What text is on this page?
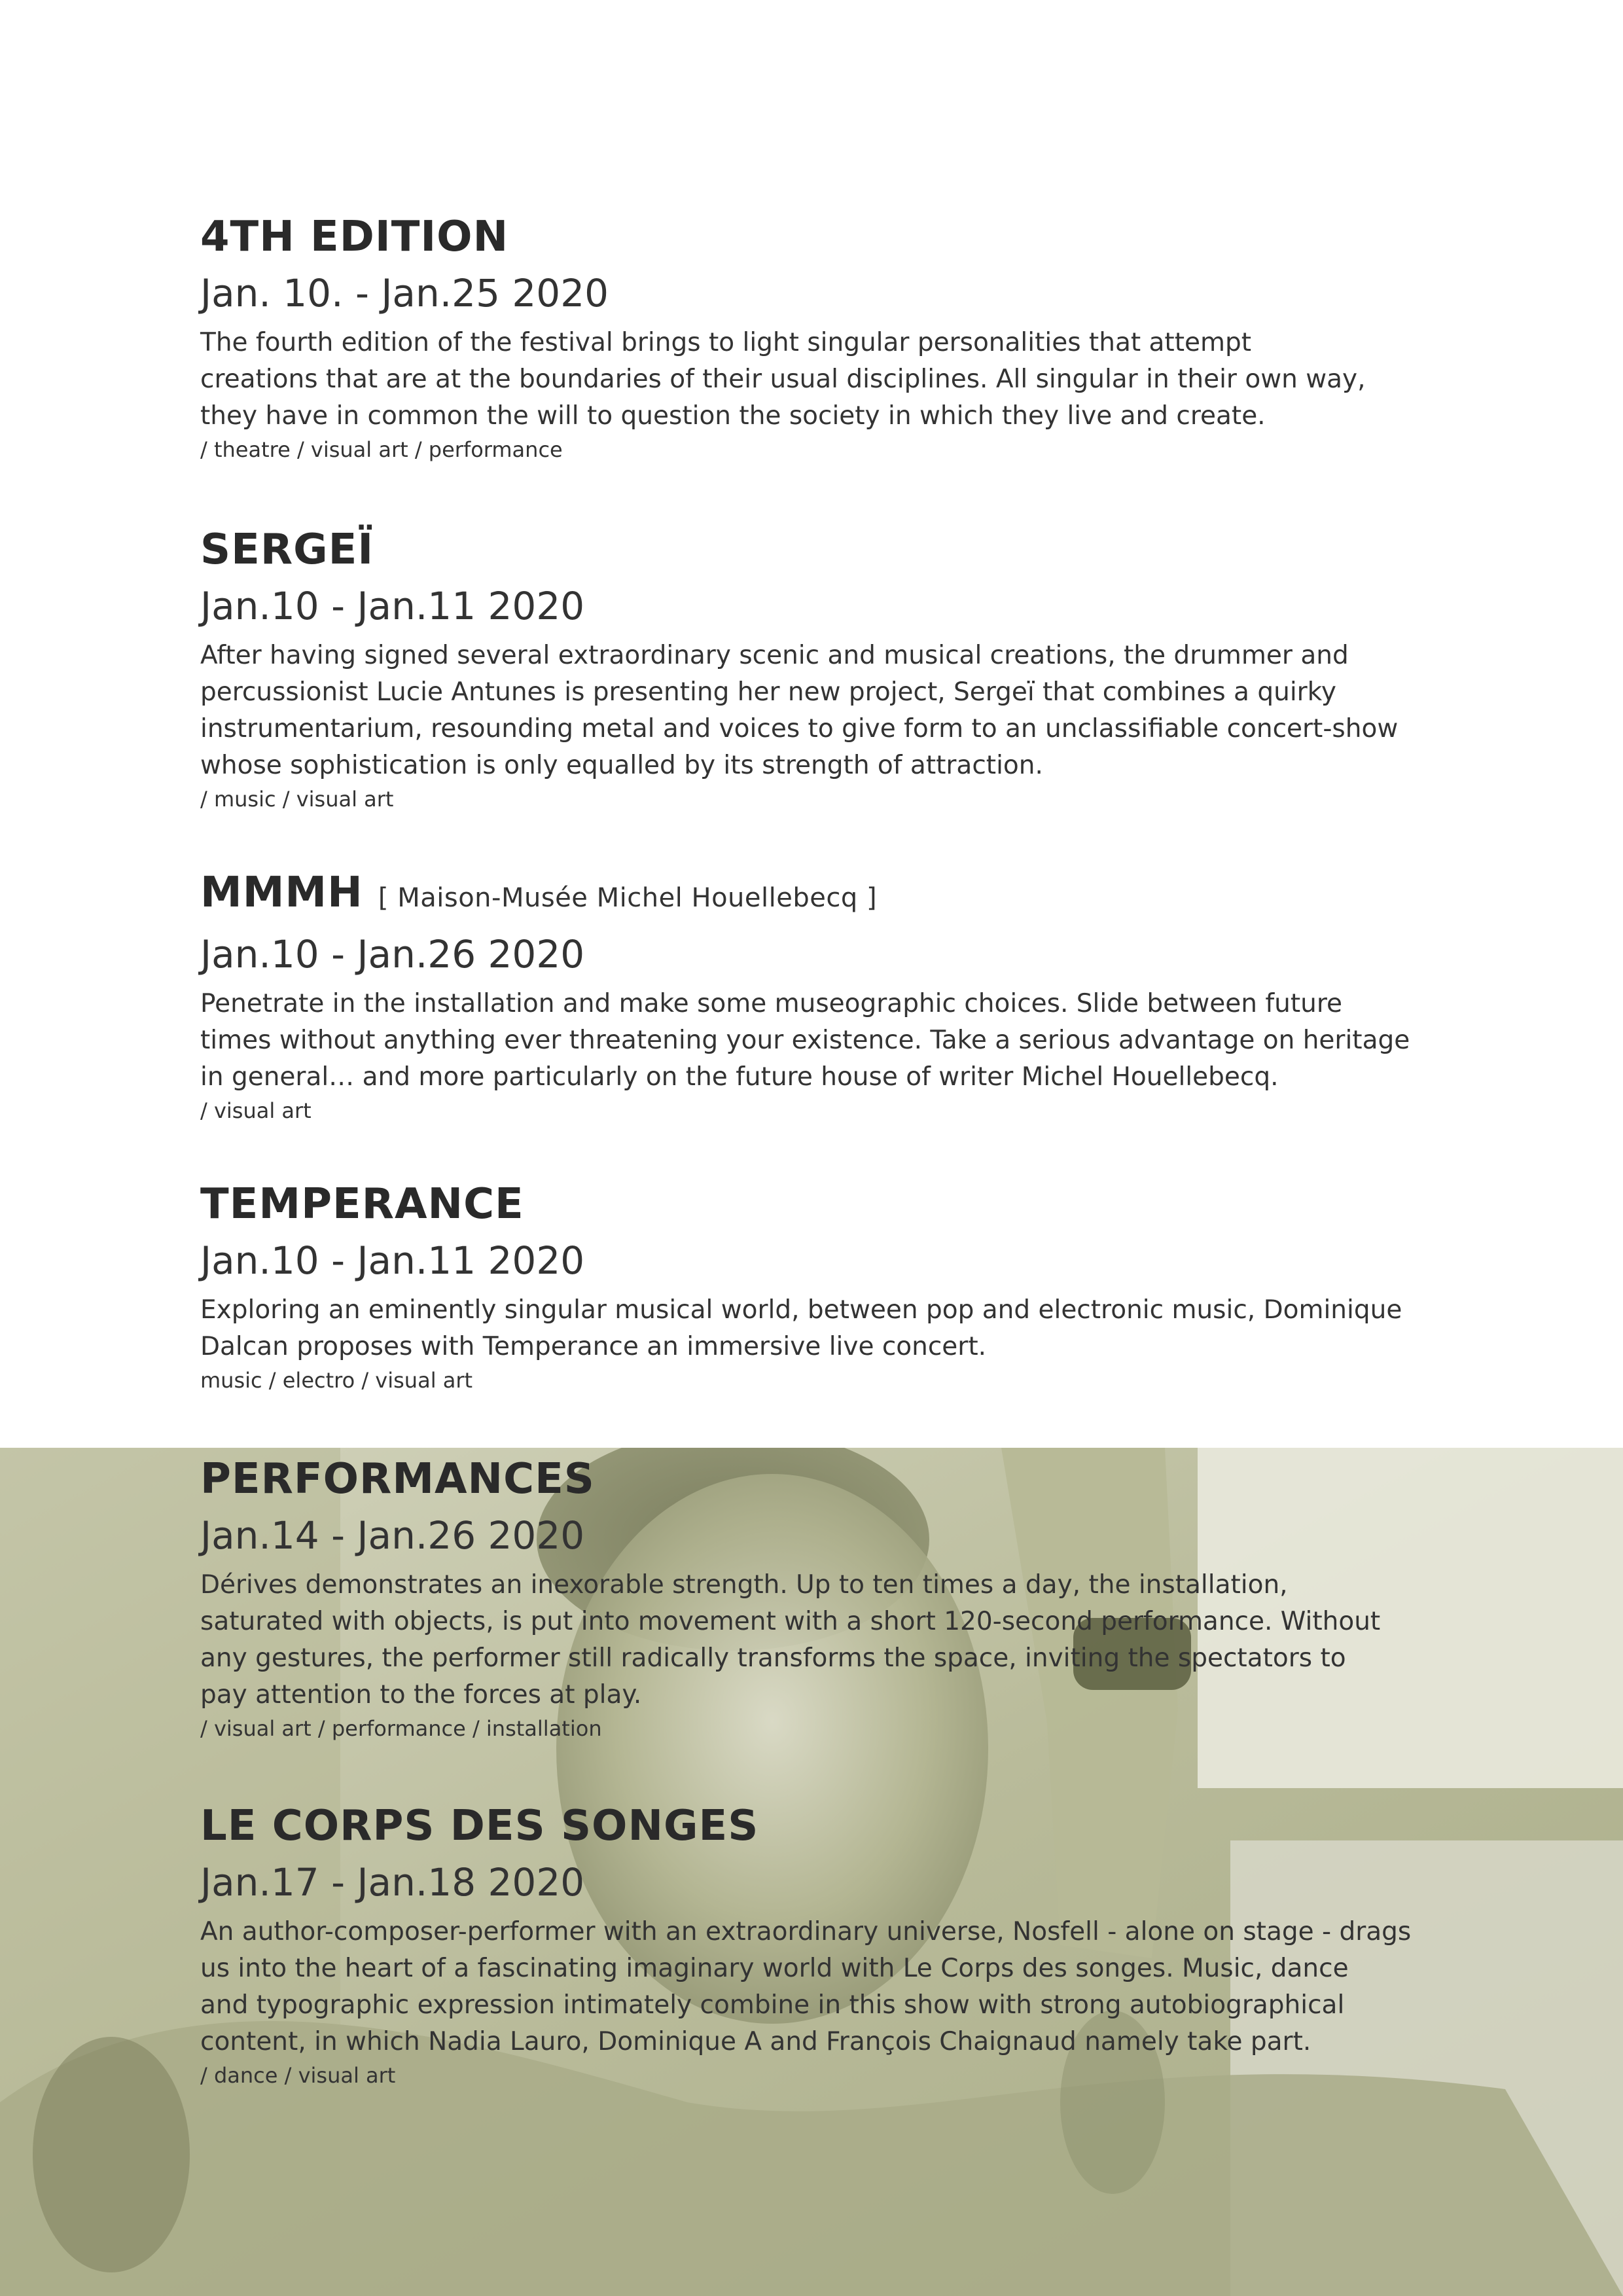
4TH EDITION
Jan. 10. - Jan.25 2020
The fourth edition of the festival brings to light singular personalities that attempt
creations that are at the boundaries of their usual disciplines. All singular in their own way,
they have in common the will to question the society in which they live and create.
/ theatre / visual art / performance
SERGEÏ
Jan.10 - Jan.11 2020
After having signed several extraordinary scenic and musical creations, the drummer and
percussionist Lucie Antunes is presenting her new project, Sergeï that combines a quirky
instrumentarium, resounding metal and voices to give form to an unclassifiable concert-show
whose sophistication is only equalled by its strength of attraction.
/ music / visual art
MMMH [ Maison-Musée Michel Houellebecq ]
Jan.10 - Jan.26 2020
Penetrate in the installation and make some museographic choices. Slide between future
times without anything ever threatening your existence. Take a serious advantage on heritage
in general… and more particularly on the future house of writer Michel Houellebecq.
/ visual art
TEMPERANCE
Jan.10 - Jan.11 2020
Exploring an eminently singular musical world, between pop and electronic music, Dominique
Dalcan proposes with Temperance an immersive live concert.
music / electro / visual art
PERFORMANCES
Jan.14 - Jan.26 2020
Dérives demonstrates an inexorable strength. Up to ten times a day, the installation,
saturated with objects, is put into movement with a short 120-second performance. Without
any gestures, the performer still radically transforms the space, inviting the spectators to
pay attention to the forces at play.
/ visual art / performance / installation
LE CORPS DES SONGES
Jan.17 - Jan.18 2020
An author-composer-performer with an extraordinary universe, Nosfell - alone on stage - drags
us into the heart of a fascinating imaginary world with Le Corps des songes. Music, dance
and typographic expression intimately combine in this show with strong autobiographical
content, in which Nadia Lauro, Dominique A and François Chaignaud namely take part.
/ dance / visual art
